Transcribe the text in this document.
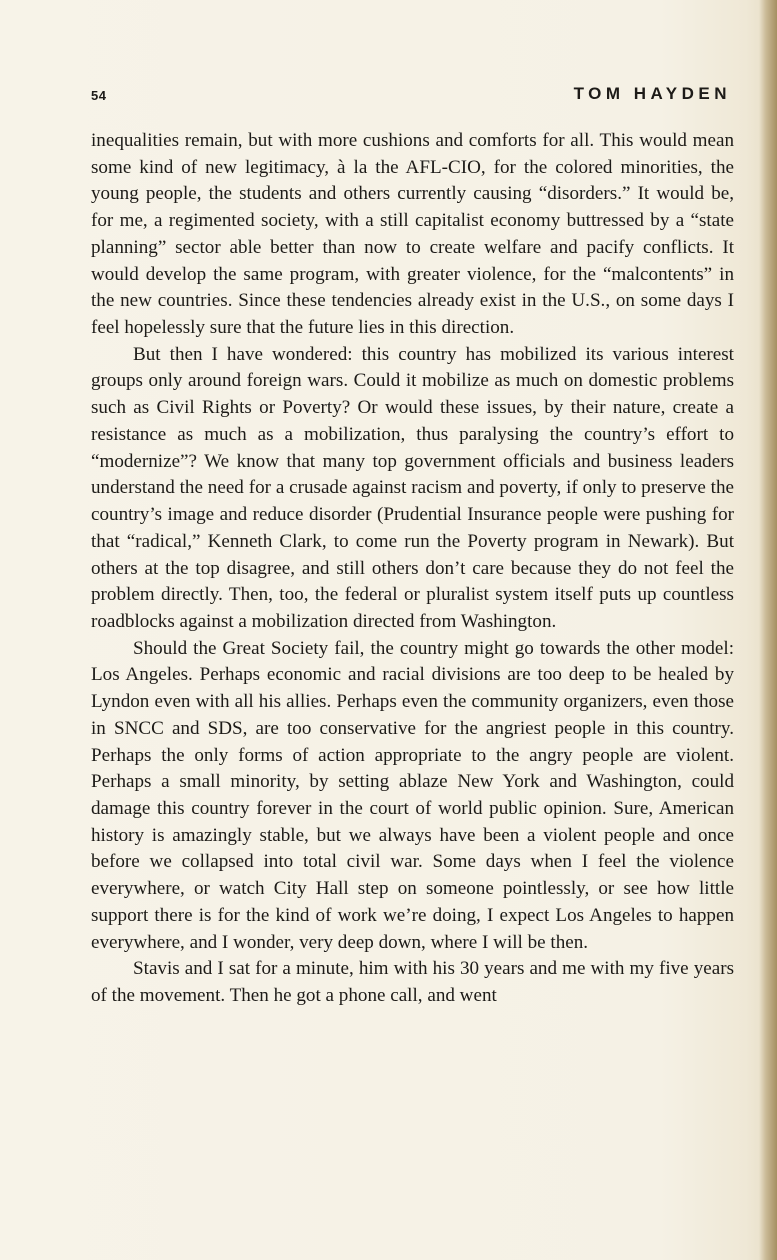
54	TOM HAYDEN

inequalities remain, but with more cushions and comforts for all. This would mean some kind of new legitimacy, à la the AFL-CIO, for the colored minorities, the young people, the students and others currently causing “disorders.” It would be, for me, a regimented society, with a still capitalist economy buttressed by a “state planning” sector able better than now to create welfare and pacify conflicts. It would develop the same program, with greater violence, for the “malcontents” in the new countries. Since these tendencies already exist in the U.S., on some days I feel hopelessly sure that the future lies in this direction.

But then I have wondered: this country has mobilized its various interest groups only around foreign wars. Could it mobilize as much on domestic problems such as Civil Rights or Poverty? Or would these issues, by their nature, create a resistance as much as a mobilization, thus paralysing the country’s effort to “modernize”? We know that many top government officials and business leaders understand the need for a crusade against racism and poverty, if only to preserve the country’s image and reduce disorder (Prudential Insurance people were pushing for that “radical,” Kenneth Clark, to come run the Poverty program in Newark). But others at the top disagree, and still others don’t care because they do not feel the problem directly. Then, too, the federal or pluralist system itself puts up countless roadblocks against a mobilization directed from Washington.

Should the Great Society fail, the country might go towards the other model: Los Angeles. Perhaps economic and racial divisions are too deep to be healed by Lyndon even with all his allies. Perhaps even the community organizers, even those in SNCC and SDS, are too conservative for the angriest people in this country. Perhaps the only forms of action appropriate to the angry people are violent. Perhaps a small minority, by setting ablaze New York and Washington, could damage this country forever in the court of world public opinion. Sure, American history is amazingly stable, but we always have been a violent people and once before we collapsed into total civil war. Some days when I feel the violence everywhere, or watch City Hall step on someone pointlessly, or see how little support there is for the kind of work we’re doing, I expect Los Angeles to happen everywhere, and I wonder, very deep down, where I will be then.

Stavis and I sat for a minute, him with his 30 years and me with my five years of the movement. Then he got a phone call, and went
